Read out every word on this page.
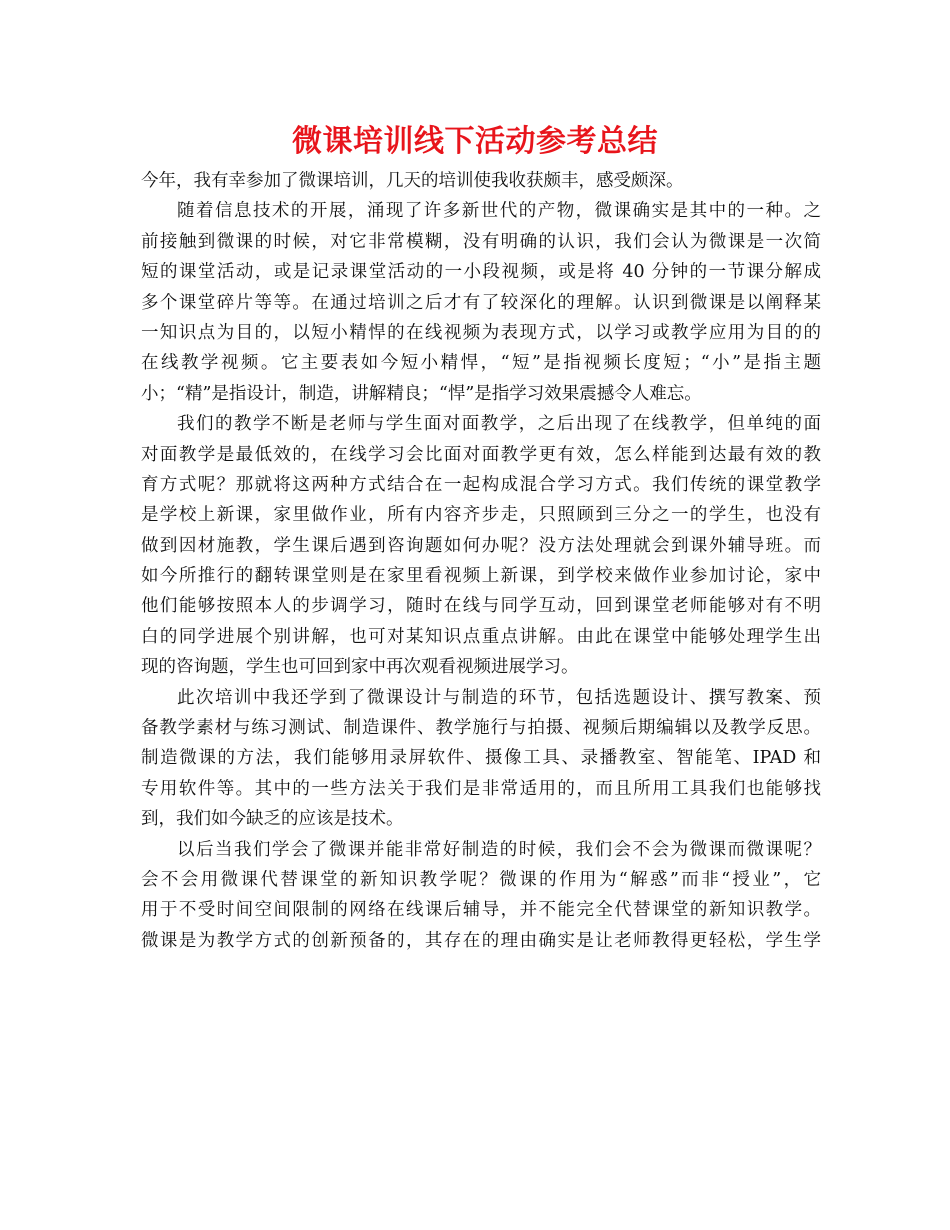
微课培训线下活动参考总结
今年，我有幸参加了微课培训，几天的培训使我收获颇丰，感受颇深。
随着信息技术的开展，涌现了许多新世代的产物，微课确实是其中的一种。之
前接触到微课的时候，对它非常模糊，没有明确的认识，我们会认为微课是一次简
短的课堂活动，或是记录课堂活动的一小段视频，或是将 40 分钟的一节课分解成
多个课堂碎片等等。在通过培训之后才有了较深化的理解。认识到微课是以阐释某
一知识点为目的，以短小精悍的在线视频为表现方式，以学习或教学应用为目的的
在线教学视频。它主要表如今短小精悍，“短”是指视频长度短；“小”是指主题
小；“精”是指设计，制造，讲解精良；“悍”是指学习效果震撼令人难忘。
我们的教学不断是老师与学生面对面教学，之后出现了在线教学，但单纯的面
对面教学是最低效的，在线学习会比面对面教学更有效，怎么样能到达最有效的教
育方式呢？那就将这两种方式结合在一起构成混合学习方式。我们传统的课堂教学
是学校上新课，家里做作业，所有内容齐步走，只照顾到三分之一的学生，也没有
做到因材施教，学生课后遇到咨询题如何办呢？没方法处理就会到课外辅导班。而
如今所推行的翻转课堂则是在家里看视频上新课，到学校来做作业参加讨论，家中
他们能够按照本人的步调学习，随时在线与同学互动，回到课堂老师能够对有不明
白的同学进展个别讲解，也可对某知识点重点讲解。由此在课堂中能够处理学生出
现的咨询题，学生也可回到家中再次观看视频进展学习。
此次培训中我还学到了微课设计与制造的环节，包括选题设计、撰写教案、预
备教学素材与练习测试、制造课件、教学施行与拍摄、视频后期编辑以及教学反思。
制造微课的方法，我们能够用录屏软件、摄像工具、录播教室、智能笔、IPAD 和
专用软件等。其中的一些方法关于我们是非常适用的，而且所用工具我们也能够找
到，我们如今缺乏的应该是技术。
以后当我们学会了微课并能非常好制造的时候，我们会不会为微课而微课呢？
会不会用微课代替课堂的新知识教学呢？微课的作用为“解惑”而非“授业”，它
用于不受时间空间限制的网络在线课后辅导，并不能完全代替课堂的新知识教学。
微课是为教学方式的创新预备的，其存在的理由确实是让老师教得更轻松，学生学
